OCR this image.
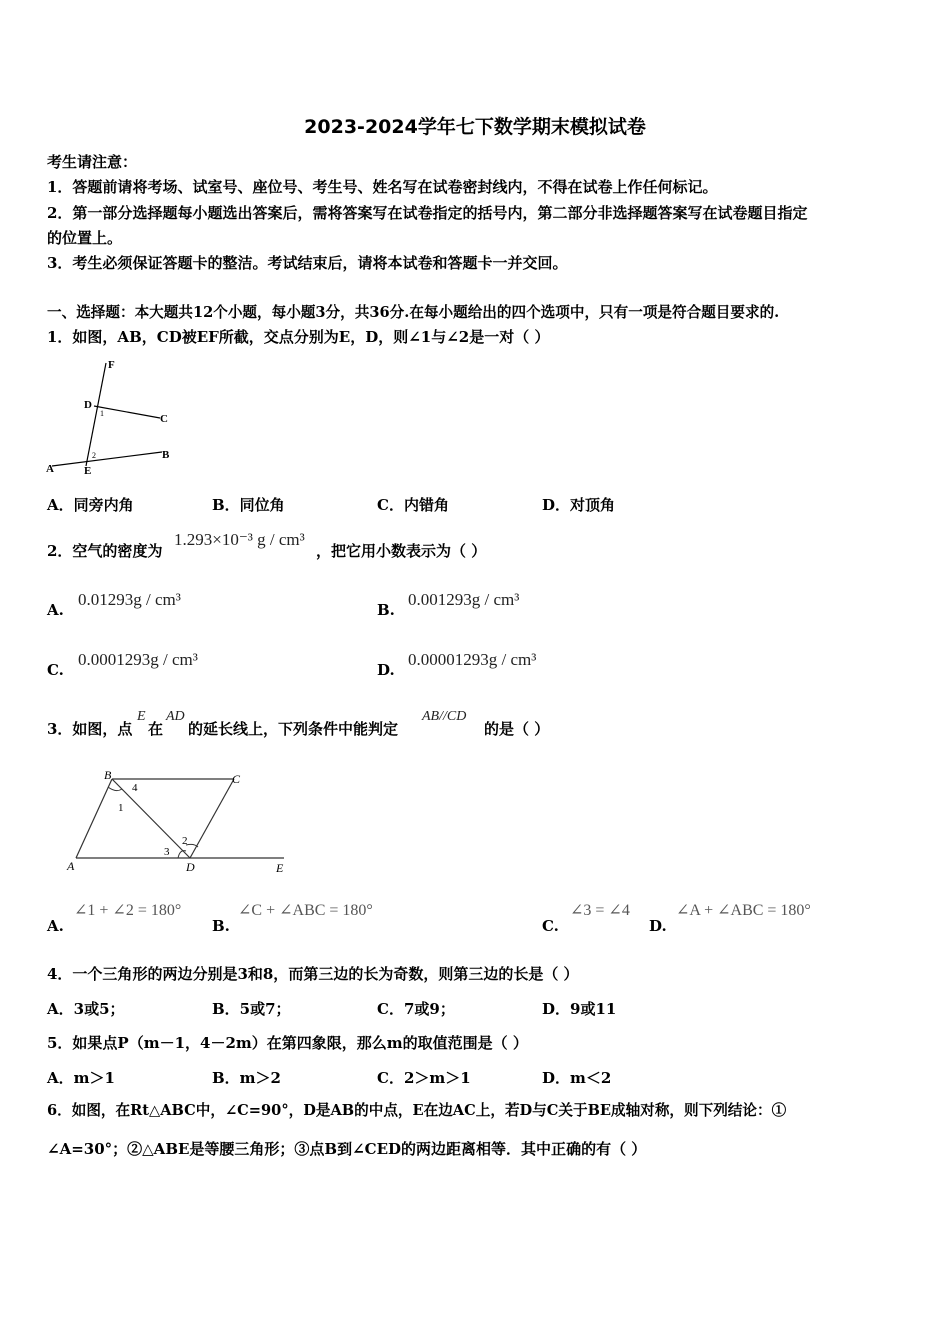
2023-2024学年七下数学期末模拟试卷
考生请注意：
1．答题前请将考场、试室号、座位号、考生号、姓名写在试卷密封线内，不得在试卷上作任何标记。
2．第一部分选择题每小题选出答案后，需将答案写在试卷指定的括号内，第二部分非选择题答案写在试卷题目指定
的位置上。
3．考生必须保证答题卡的整洁。考试结束后，请将本试卷和答题卡一并交回。
一、选择题：本大题共12个小题，每小题3分，共36分.在每小题给出的四个选项中，只有一项是符合题目要求的.
1．如图，AB，CD被EF所截，交点分别为E，D，则∠1与∠2是一对（ ）
F
D
C
1
2
A	E
B
A．同旁内角	B．同位角	C．内错角	D．对顶角
2．空气的密度为
1.293×10⁻³ g / cm³
，把它用小数表示为（ ）
A.
0.01293g / cm³
B.
0.001293g / cm³
C.
0.0001293g / cm³
D.
0.00001293g / cm³
3．如图，点
E
在
AD
的延长线上，下列条件中能判定
AB//CD
的是（ ）
B	C
A	D	E
1
2
3
4
A.
∠1 + ∠2 = 180°
B.
∠C + ∠ABC = 180°
C.
∠3 = ∠4
D.
∠A + ∠ABC = 180°
4．一个三角形的两边分别是3和8，而第三边的长为奇数，则第三边的长是（ ）
A．3或5；	B．5或7；	C．7或9；	D．9或11
5．如果点P（m－1，4－2m）在第四象限，那么m的取值范围是（ ）
A．m＞1	B．m＞2	C．2＞m＞1	D．m＜2
6．如图，在Rt△ABC中，∠C=90°，D是AB的中点，E在边AC上，若D与C关于BE成轴对称，则下列结论：①
∠A=30°；②△ABE是等腰三角形；③点B到∠CED的两边距离相等．其中正确的有（ ）
